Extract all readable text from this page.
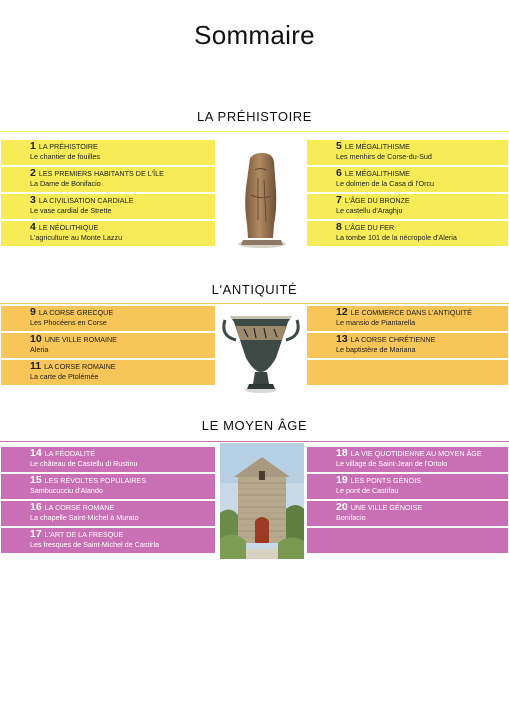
Sommaire
LA PRÉHISTOIRE
1 LA PRÉHISTOIRE
Le chantier de fouilles
2 LES PREMIERS HABITANTS DE L'ÎLE
La Dame de Bonifacio
3 LA CIVILISATION CARDIALE
Le vase cardial de Strette
4 LE NÉOLITHIQUE
L'agriculture au Monte Lazzu
5 LE MÉGALITHISME
Les menhirs de Corse-du-Sud
6 LE MÉGALITHISME
Le dolmen de la Casa di l'Orcu
7 L'ÂGE DU BRONZE
Le castellu d'Araghju
8 L'ÂGE DU FER
La tombe 101 de la nécropole d'Aleria
L'ANTIQUITÉ
9 LA CORSE GRECQUE
Les Phocéens en Corse
10 UNE VILLE ROMAINE
Aleria
11 LA CORSE ROMAINE
La carte de Ptolémée
12 LE COMMERCE DANS L'ANTIQUITÉ
Le mansio de Piantarella
13 LA CORSE CHRÉTIENNE
Le baptistère de Mariana
LE MOYEN ÂGE
14 LA FÉODALITÉ
Le château de Castellu di Rustinu
15 LES RÉVOLTES POPULAIRES
Sambucucciu d'Alando
16 LA CORSE ROMANE
La chapelle Saint-Michel à Murato
17 L'ART DE LA FRESQUE
Les fresques de Saint-Michel de Castirla
18 LA VIE QUOTIDIENNE AU MOYEN ÂGE
Le village de Saint-Jean de l'Ortolo
19 LES PONTS GÉNOIS
Le pont de Castifau
20 UNE VILLE GÉNOISE
Bonifacio
